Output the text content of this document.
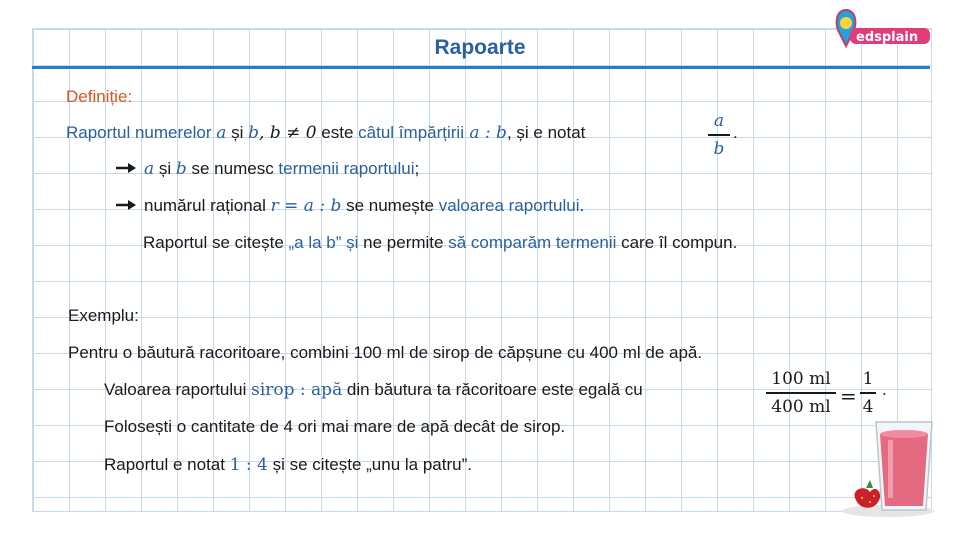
edsplain
Rapoarte
Definiție:
Raportul numerelor a și b, b ≠ 0 este câtul împărțirii a : b, și e notat
a
b
.
a și b se numesc termenii raportului;
numărul rațional r = a : b se numește valoarea raportului.
Raportul se citește „a la b” și ne permite să comparăm termenii care îl compun.
Exemplu:
Pentru o băutură racoritoare, combini 100 ml de sirop de căpșune cu 400 ml de apă.
Valoarea raportului sirop : apă din băutura ta răcoritoare este egală cu
100 ml
400 ml =
1
4
.
Folosești o cantitate de 4 ori mai mare de apă decât de sirop.
Raportul e notat 1 : 4 și se citește „unu la patru”.
